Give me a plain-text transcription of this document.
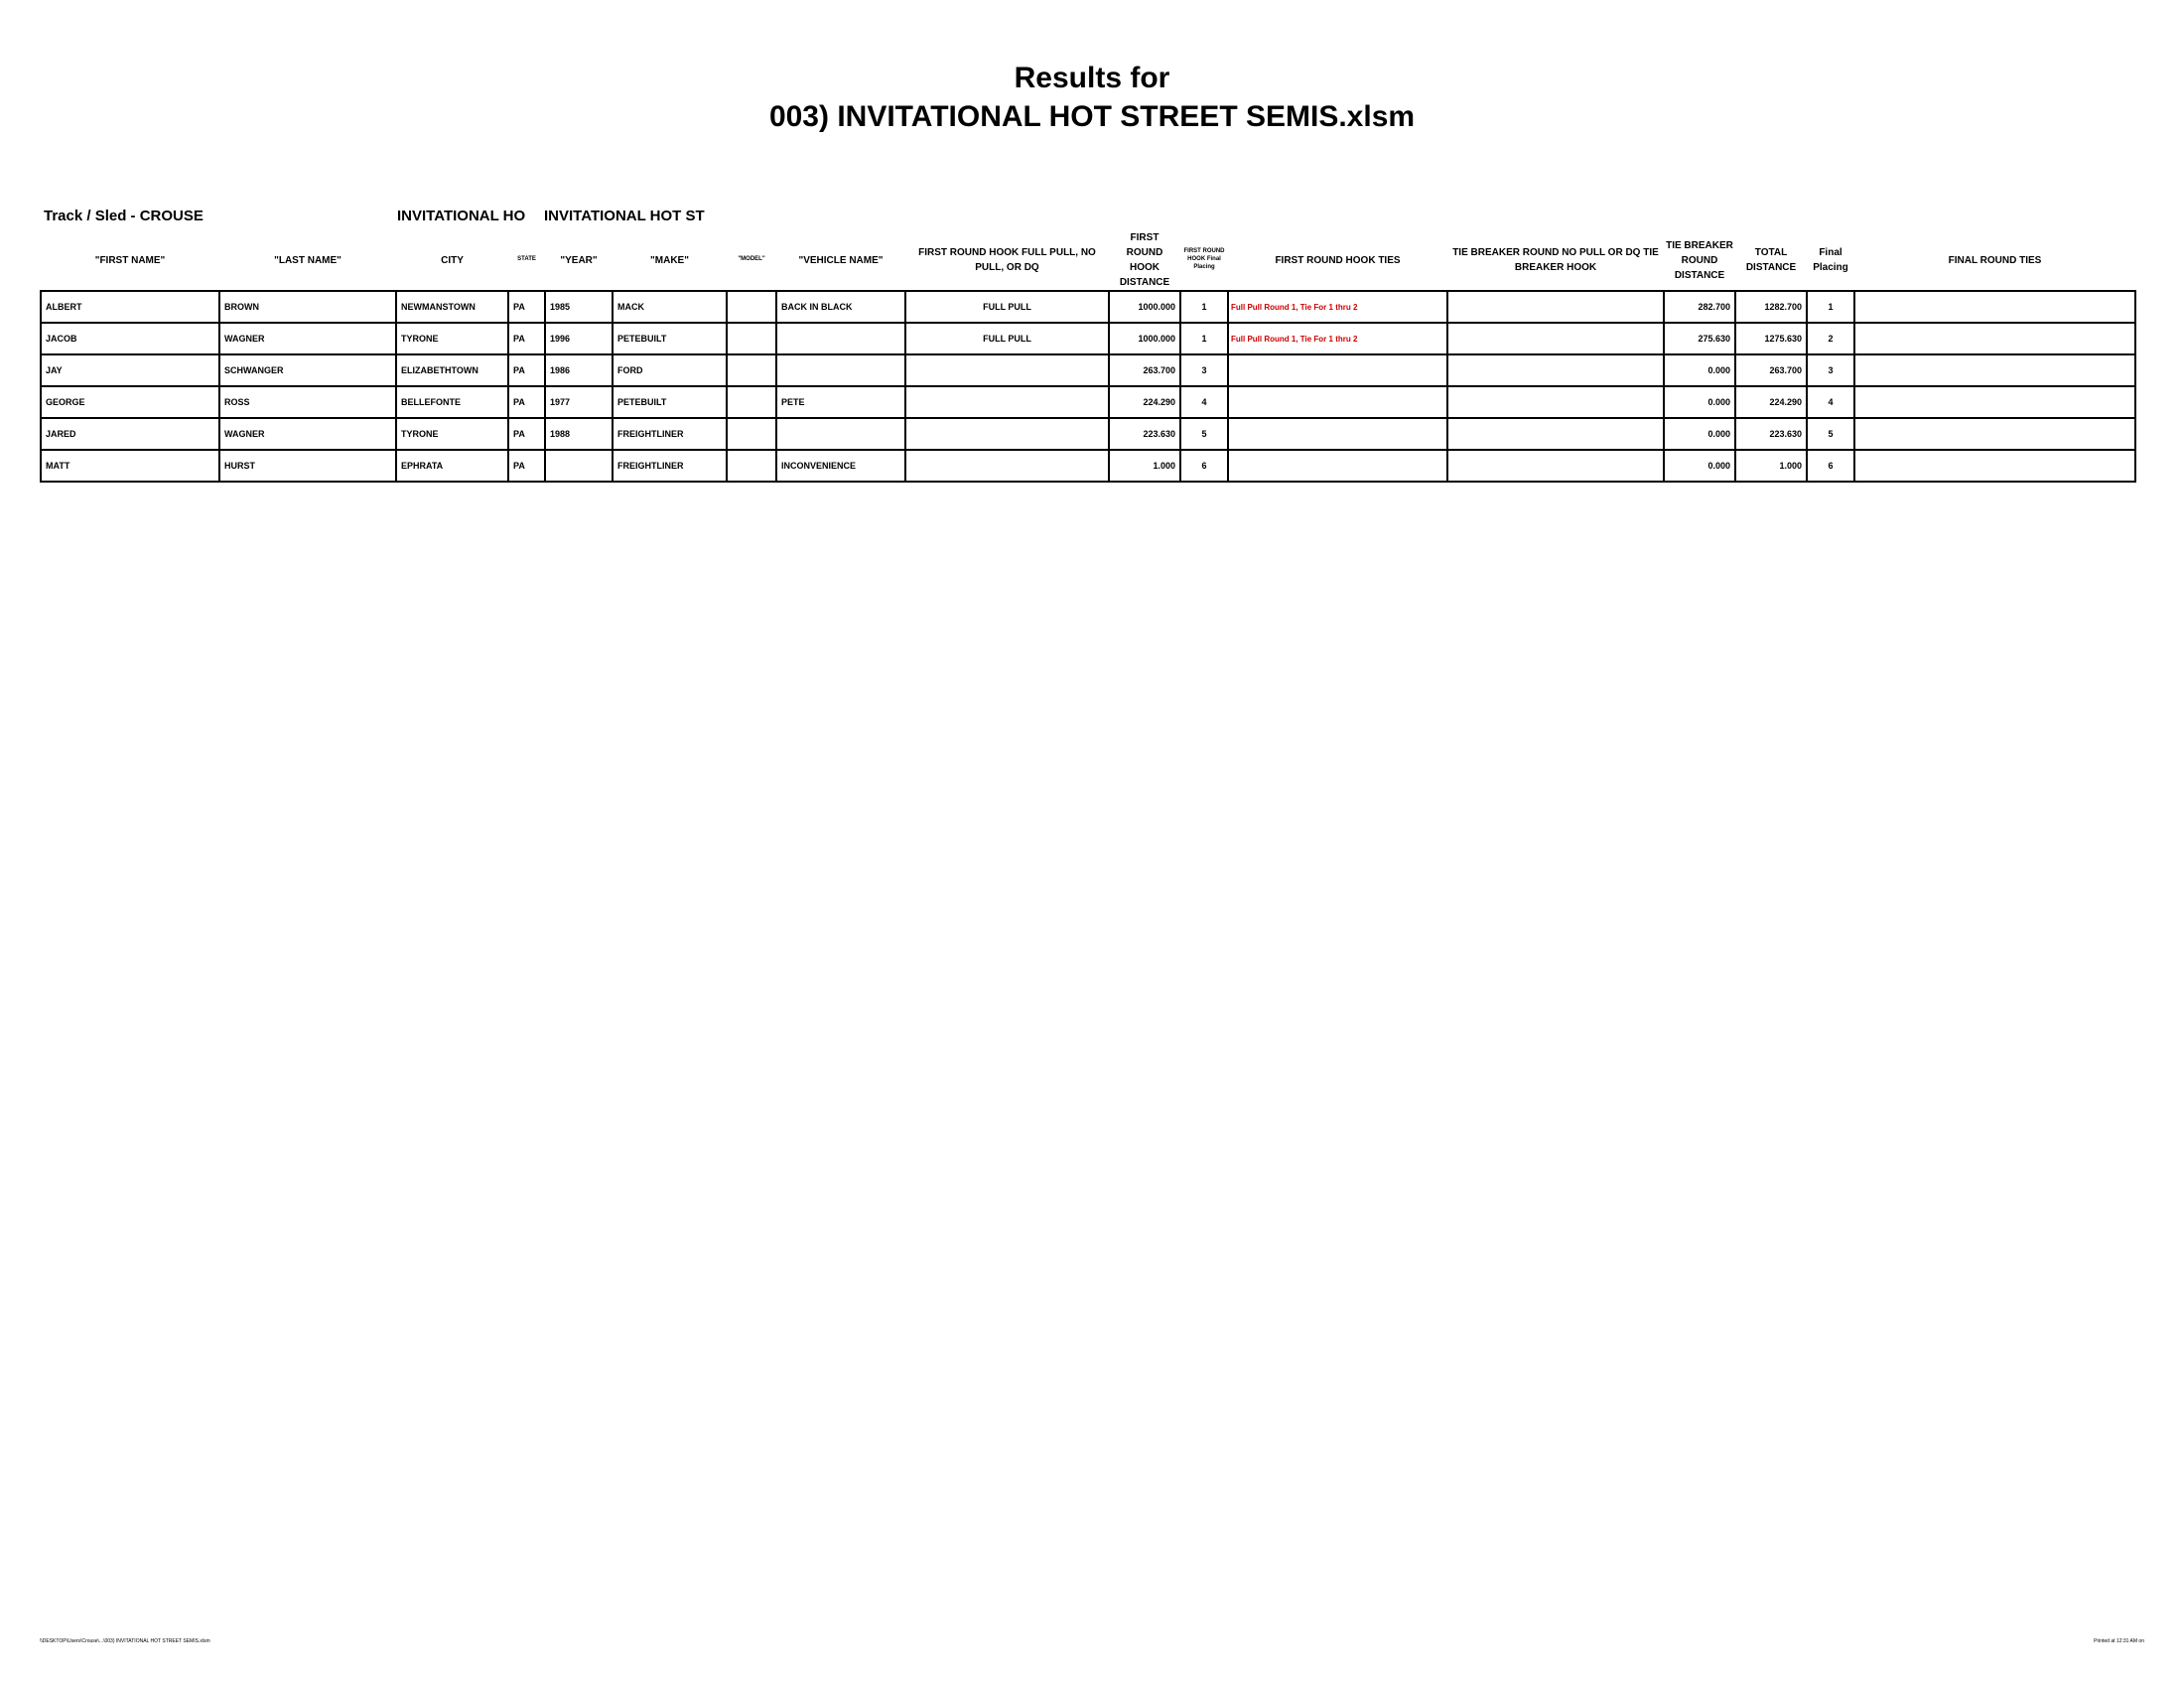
Results for
003) INVITATIONAL HOT STREET SEMIS.xlsm
Track / Sled - CROUSE	INVITATIONAL HO INVITATIONAL HOT ST
"FIRST NAME"	"LAST NAME"	CITY	STATE	"YEAR"	"MAKE"	"MODEL"	"VEHICLE NAME"	FIRST ROUND HOOK FULL PULL, NO PULL, OR DQ	FIRST ROUND HOOK DISTANCE	FIRST ROUND HOOK Final Placing	FIRST ROUND HOOK TIES	TIE BREAKER ROUND NO PULL OR DQ TIE BREAKER HOOK	TIE BREAKER ROUND DISTANCE	TOTAL DISTANCE	Final Placing	FINAL ROUND TIES
ALBERT	BROWN	NEWMANSTOWN	PA	1985	MACK		BACK IN BLACK	FULL PULL	1000.000	1	Full Pull Round 1, Tie For 1 thru 2		282.700	1282.700	1	
JACOB	WAGNER	TYRONE	PA	1996	PETEBUILT			FULL PULL	1000.000	1	Full Pull Round 1, Tie For 1 thru 2		275.630	1275.630	2	
JAY	SCHWANGER	ELIZABETHTOWN	PA	1986	FORD				263.700	3			0.000	263.700	3	
GEORGE	ROSS	BELLEFONTE	PA	1977	PETEBUILT		PETE		224.290	4			0.000	224.290	4	
JARED	WAGNER	TYRONE	PA	1988	FREIGHTLINER				223.630	5			0.000	223.630	5	
MATT	HURST	EPHRATA	PA		FREIGHTLINER		INCONVENIENCE		1.000	6			0.000	1.000	6	
\\DESKTOP\Users\Crouse\...\003) INVITATIONAL HOT STREET SEMIS.xlsm	Printed at 12:31 AM on
